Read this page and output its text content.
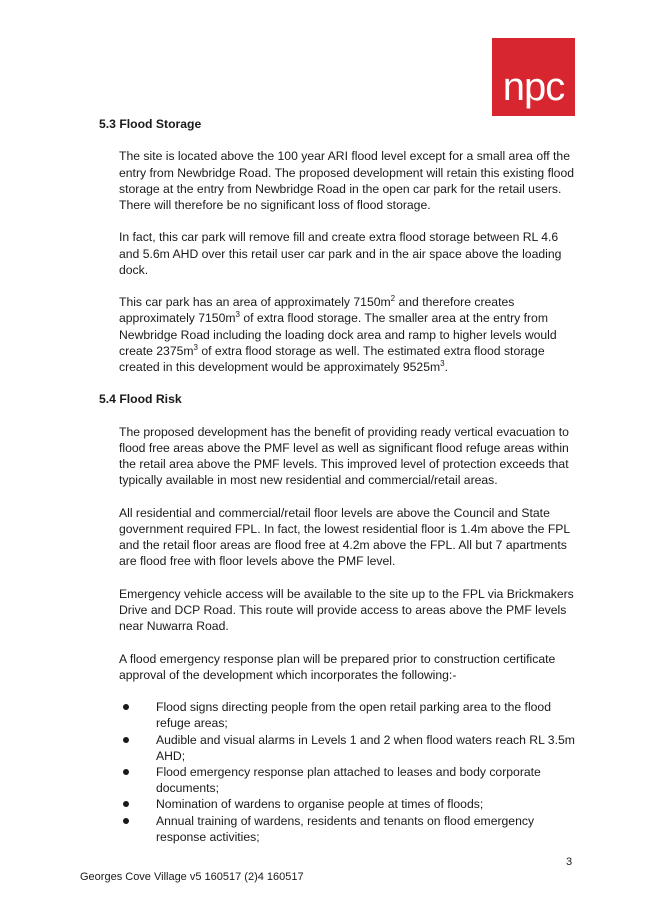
npc
5.3 Flood Storage

The site is located above the 100 year ARI flood level except for a small area off the entry from Newbridge Road. The proposed development will retain this existing flood storage at the entry from Newbridge Road in the open car park for the retail users. There will therefore be no significant loss of flood storage.

In fact, this car park will remove fill and create extra flood storage between RL 4.6 and 5.6m AHD over this retail user car park and in the air space above the loading dock.

This car park has an area of approximately $7150m^2$ and therefore creates approximately $7150m^3$ of extra flood storage. The smaller area at the entry from Newbridge Road including the loading dock area and ramp to higher levels would create $2375m^3$ of extra flood storage as well. The estimated extra flood storage created in this development would be approximately $9525m^3$.

5.4 Flood Risk

The proposed development has the benefit of providing ready vertical evacuation to flood free areas above the PMF level as well as significant flood refuge areas within the retail area above the PMF levels. This improved level of protection exceeds that typically available in most new residential and commercial/retail areas.

All residential and commercial/retail floor levels are above the Council and State government required FPL. In fact, the lowest residential floor is 1.4m above the FPL and the retail floor areas are flood free at 4.2m above the FPL. All but 7 apartments are flood free with floor levels above the PMF level.

Emergency vehicle access will be available to the site up to the FPL via Brickmakers Drive and DCP Road. This route will provide access to areas above the PMF levels near Nuwarra Road.

A flood emergency response plan will be prepared prior to construction certificate approval of the development which incorporates the following:-

Flood signs directing people from the open retail parking area to the flood refuge areas;
Audible and visual alarms in Levels 1 and 2 when flood waters reach RL 3.5m AHD;
Flood emergency response plan attached to leases and body corporate documents;
Nomination of wardens to organise people at times of floods;
Annual training of wardens, residents and tenants on flood emergency response activities;
3
Georges Cove Village v5 160517 (2)4 160517
